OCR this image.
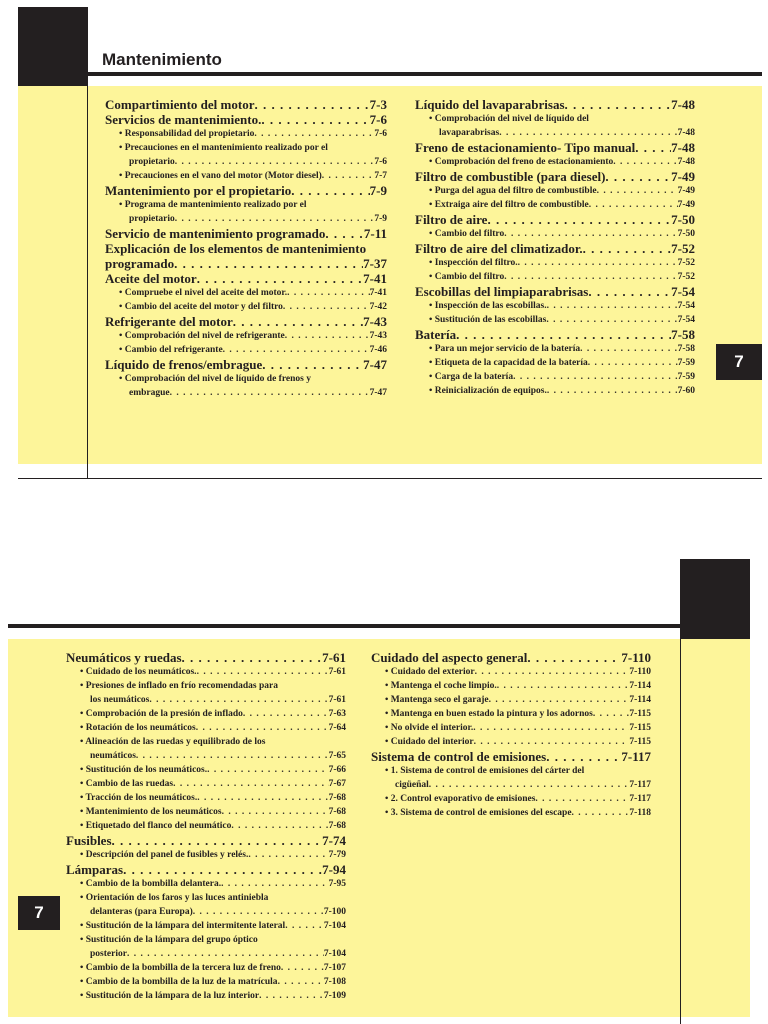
Mantenimiento
7
Compartimiento del motor . . .	7-3
Servicios de mantenimiento. . . .	7-6
• Responsabilidad del propietario . . .	7-6
• Precauciones en el mantenimiento realizado por el
propietario . . .	7-6
• Precauciones en el vano del motor (Motor diesel) . . .	7-7
Mantenimiento por el propietario . . .	7-9
• Programa de mantenimiento realizado por el
propietario . . .	7-9
Servicio de mantenimiento programado . . .	7-11
Explicación de los elementos de mantenimiento
programado . . .	7-37
Aceite del motor . . .	7-41
• Compruebe el nivel del aceite del motor. . . .	7-41
• Cambio del aceite del motor y del filtro . . .	7-42
Refrigerante del motor . . .	7-43
• Comprobación del nivel de refrigerante . . .	7-43
• Cambio del refrigerante . . .	7-46
Líquido de frenos/embrague . . .	7-47
• Comprobación del nivel de líquido de frenos y
embrague . . .	7-47
Líquido del lavaparabrisas . . .	7-48
• Comprobación del nivel de líquido del
lavaparabrisas . . .	7-48
Freno de estacionamiento- Tipo manual . . .	7-48
• Comprobación del freno de estacionamiento . . .	7-48
Filtro de combustible (para diesel) . . .	7-49
• Purga del agua del filtro de combustible . . .	7-49
• Extraiga aire del filtro de combustible . . .	7-49
Filtro de aire . . .	7-50
• Cambio del filtro . . .	7-50
Filtro de aire del climatizador. . . .	7-52
• Inspección del filtro. . . .	7-52
• Cambio del filtro . . .	7-52
Escobillas del limpiaparabrisas . . .	7-54
• Inspección de las escobillas. . . .	7-54
• Sustitución de las escobillas . . .	7-54
Batería . . .	7-58
• Para un mejor servicio de la batería . . .	7-58
• Etiqueta de la capacidad de la batería . . .	7-59
• Carga de la batería . . .	7-59
• Reinicialización de equipos. . . .	7-60
7
Neumáticos y ruedas . . .	7-61
• Cuidado de los neumáticos. . . .	7-61
• Presiones de inflado en frío recomendadas para
los neumáticos . . .	7-61
• Comprobación de la presión de inflado . . .	7-63
• Rotación de los neumáticos . . .	7-64
• Alineación de las ruedas y equilibrado de los
neumáticos . . .	7-65
• Sustitución de los neumáticos. . . .	7-66
• Cambio de las ruedas . . .	7-67
• Tracción de los neumáticos. . . .	7-68
• Mantenimiento de los neumáticos . . .	7-68
• Etiquetado del flanco del neumático . . .	7-68
Fusibles . . .	7-74
• Descripción del panel de fusibles y relés. . . .	7-79
Lámparas . . .	7-94
• Cambio de la bombilla delantera. . . .	7-95
• Orientación de los faros y las luces antiniebla
delanteras (para Europa) . . .	7-100
• Sustitución de la lámpara del intermitente lateral . . .	7-104
• Sustitución de la lámpara del grupo óptico
posterior . . .	7-104
• Cambio de la bombilla de la tercera luz de freno . . .	7-107
• Cambio de la bombilla de la luz de la matrícula . . .	7-108
• Sustitución de la lámpara de la luz interior . . .	7-109
Cuidado del aspecto general . . .	7-110
• Cuidado del exterior . . .	7-110
• Mantenga el coche limpio. . . .	7-114
• Mantenga seco el garaje . . .	7-114
• Mantenga en buen estado la pintura y los adornos . . .	7-115
• No olvide el interior. . . .	7-115
• Cuidado del interior . . .	7-115
Sistema de control de emisiones . . .	7-117
• 1. Sistema de control de emisiones del cárter del
cigüeñal . . .	7-117
• 2. Control evaporativo de emisiones . . .	7-117
• 3. Sistema de control de emisiones del escape . . .	7-118
